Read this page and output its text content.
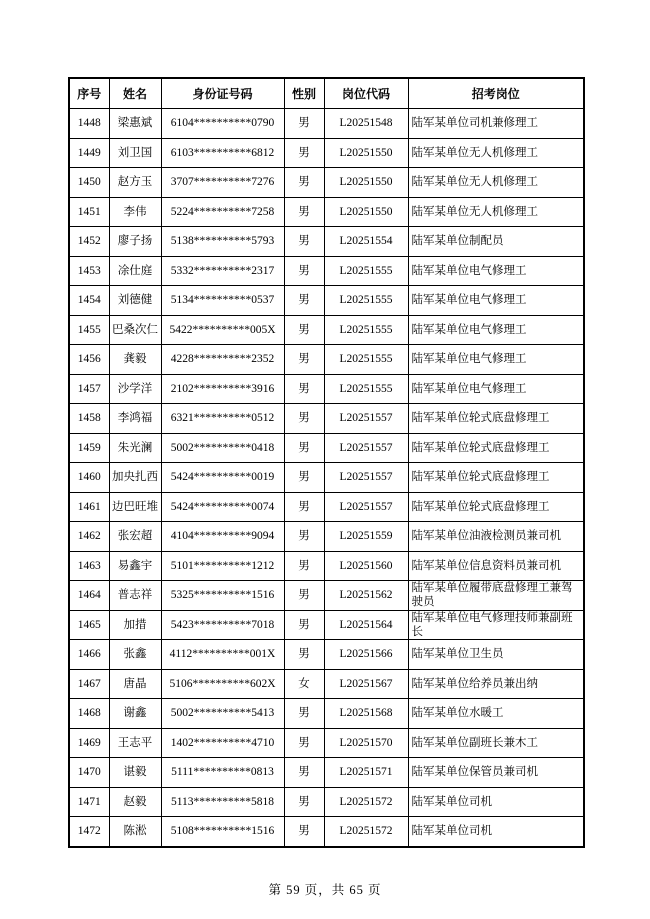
序号	姓名	身份证号码	性别	岗位代码	招考岗位
1448	梁惠斌	6104**********0790	男	L20251548	陆军某单位司机兼修理工
1449	刘卫国	6103**********6812	男	L20251550	陆军某单位无人机修理工
1450	赵方玉	3707**********7276	男	L20251550	陆军某单位无人机修理工
1451	李伟	5224**********7258	男	L20251550	陆军某单位无人机修理工
1452	廖子扬	5138**********5793	男	L20251554	陆军某单位制配员
1453	凃仕庭	5332**********2317	男	L20251555	陆军某单位电气修理工
1454	刘德健	5134**********0537	男	L20251555	陆军某单位电气修理工
1455	巴桑次仁	5422**********005X	男	L20251555	陆军某单位电气修理工
1456	龚毅	4228**********2352	男	L20251555	陆军某单位电气修理工
1457	沙学洋	2102**********3916	男	L20251555	陆军某单位电气修理工
1458	李鸿福	6321**********0512	男	L20251557	陆军某单位轮式底盘修理工
1459	朱光澜	5002**********0418	男	L20251557	陆军某单位轮式底盘修理工
1460	加央扎西	5424**********0019	男	L20251557	陆军某单位轮式底盘修理工
1461	边巴旺堆	5424**********0074	男	L20251557	陆军某单位轮式底盘修理工
1462	张宏超	4104**********9094	男	L20251559	陆军某单位油液检测员兼司机
1463	易鑫宇	5101**********1212	男	L20251560	陆军某单位信息资料员兼司机
1464	普志祥	5325**********1516	男	L20251562	陆军某单位履带底盘修理工兼驾驶员
1465	加措	5423**********7018	男	L20251564	陆军某单位电气修理技师兼副班长
1466	张鑫	4112**********001X	男	L20251566	陆军某单位卫生员
1467	唐晶	5106**********602X	女	L20251567	陆军某单位给养员兼出纳
1468	谢鑫	5002**********5413	男	L20251568	陆军某单位水暖工
1469	王志平	1402**********4710	男	L20251570	陆军某单位副班长兼木工
1470	谌毅	5111**********0813	男	L20251571	陆军某单位保管员兼司机
1471	赵毅	5113**********5818	男	L20251572	陆军某单位司机
1472	陈淞	5108**********1516	男	L20251572	陆军某单位司机
第 59 页，共 65 页
